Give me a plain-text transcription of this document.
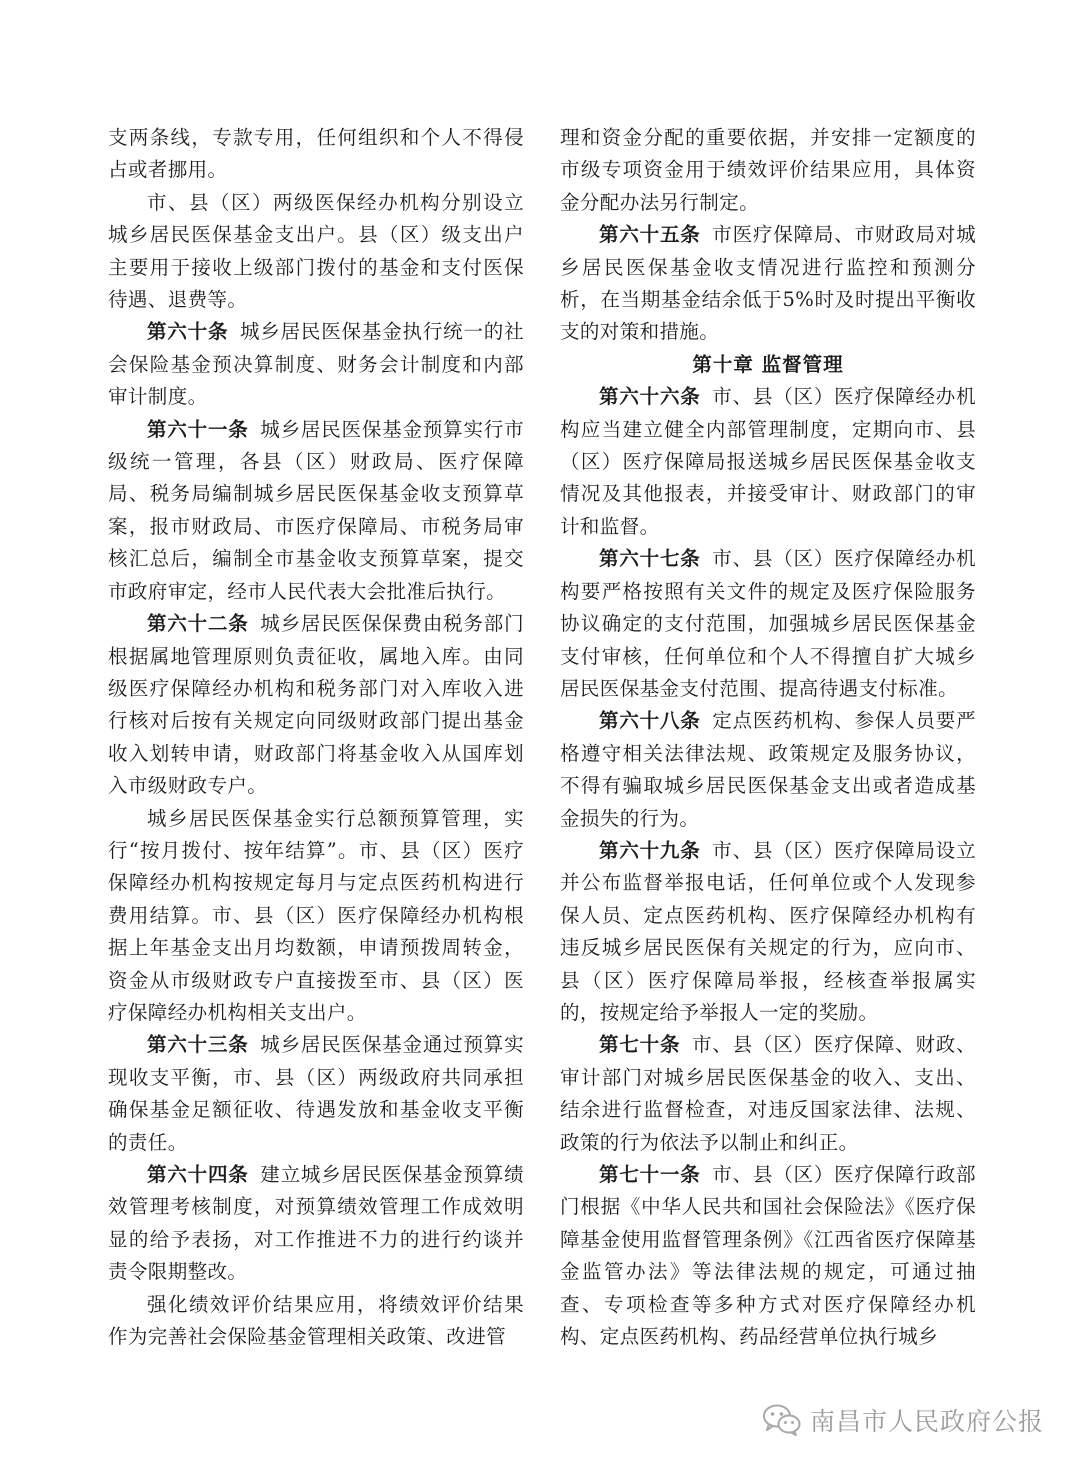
支两条线，专款专用，任何组织和个人不得侵占或者挪用。

市、县（区）两级医保经办机构分别设立城乡居民医保基金支出户。县（区）级支出户主要用于接收上级部门拨付的基金和支付医保待遇、退费等。

第六十条 城乡居民医保基金执行统一的社会保险基金预决算制度、财务会计制度和内部审计制度。

第六十一条 城乡居民医保基金预算实行市级统一管理，各县（区）财政局、医疗保障局、税务局编制城乡居民医保基金收支预算草案，报市财政局、市医疗保障局、市税务局审核汇总后，编制全市基金收支预算草案，提交市政府审定，经市人民代表大会批准后执行。

第六十二条 城乡居民医保保费由税务部门根据属地管理原则负责征收，属地入库。由同级医疗保障经办机构和税务部门对入库收入进行核对后按有关规定向同级财政部门提出基金收入划转申请，财政部门将基金收入从国库划入市级财政专户。

城乡居民医保基金实行总额预算管理，实行“按月拨付、按年结算”。市、县（区）医疗保障经办机构按规定每月与定点医药机构进行费用结算。市、县（区）医疗保障经办机构根据上年基金支出月均数额，申请预拨周转金，资金从市级财政专户直接拨至市、县（区）医疗保障经办机构相关支出户。

第六十三条 城乡居民医保基金通过预算实现收支平衡，市、县（区）两级政府共同承担确保基金足额征收、待遇发放和基金收支平衡的责任。

第六十四条 建立城乡居民医保基金预算绩效管理考核制度，对预算绩效管理工作成效明显的给予表扬，对工作推进不力的进行约谈并责令限期整改。

强化绩效评价结果应用，将绩效评价结果作为完善社会保险基金管理相关政策、改进管

理和资金分配的重要依据，并安排一定额度的市级专项资金用于绩效评价结果应用，具体资金分配办法另行制定。

第六十五条 市医疗保障局、市财政局对城乡居民医保基金收支情况进行监控和预测分析，在当期基金结余低于5%时及时提出平衡收支的对策和措施。

第十章 监督管理

第六十六条 市、县（区）医疗保障经办机构应当建立健全内部管理制度，定期向市、县（区）医疗保障局报送城乡居民医保基金收支情况及其他报表，并接受审计、财政部门的审计和监督。

第六十七条 市、县（区）医疗保障经办机构要严格按照有关文件的规定及医疗保险服务协议确定的支付范围，加强城乡居民医保基金支付审核，任何单位和个人不得擅自扩大城乡居民医保基金支付范围、提高待遇支付标准。

第六十八条 定点医药机构、参保人员要严格遵守相关法律法规、政策规定及服务协议，不得有骗取城乡居民医保基金支出或者造成基金损失的行为。

第六十九条 市、县（区）医疗保障局设立并公布监督举报电话，任何单位或个人发现参保人员、定点医药机构、医疗保障经办机构有违反城乡居民医保有关规定的行为，应向市、县（区）医疗保障局举报，经核查举报属实的，按规定给予举报人一定的奖励。

第七十条 市、县（区）医疗保障、财政、审计部门对城乡居民医保基金的收入、支出、结余进行监督检查，对违反国家法律、法规、政策的行为依法予以制止和纠正。

第七十一条 市、县（区）医疗保障行政部门根据《中华人民共和国社会保险法》《医疗保障基金使用监督管理条例》《江西省医疗保障基金监管办法》等法律法规的规定，可通过抽查、专项检查等多种方式对医疗保障经办机构、定点医药机构、药品经营单位执行城乡

南昌市人民政府公报
